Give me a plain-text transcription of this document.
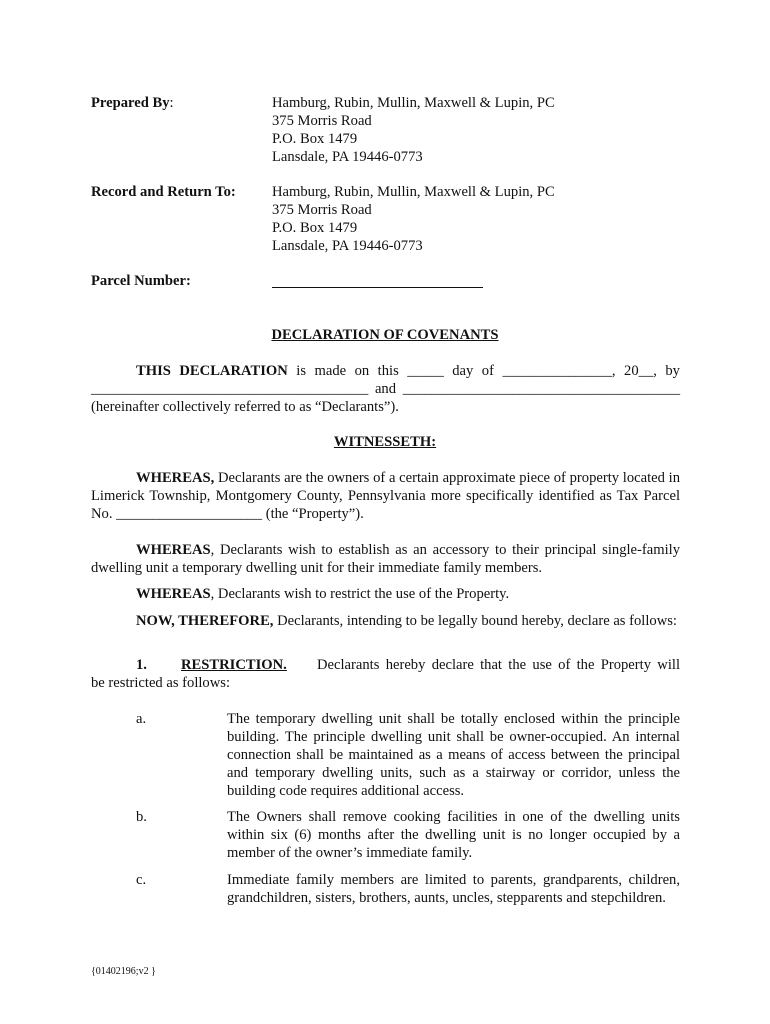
Prepared By:	Hamburg, Rubin, Mullin, Maxwell & Lupin, PC
375 Morris Road
P.O. Box 1479
Lansdale, PA 19446-0773
Record and Return To: Hamburg, Rubin, Mullin, Maxwell & Lupin, PC
375 Morris Road
P.O. Box 1479
Lansdale, PA 19446-0773
Parcel Number:
DECLARATION OF COVENANTS
THIS DECLARATION is made on this _____ day of _______________, 20__, by
______________________________________ and ______________________________________
(hereinafter collectively referred to as “Declarants”).
WITNESSETH:
WHEREAS, Declarants are the owners of a certain approximate piece of property located in Limerick Township, Montgomery County, Pennsylvania more specifically identified as Tax Parcel No. ____________________ (the “Property”).
WHEREAS, Declarants wish to establish as an accessory to their principal single-family dwelling unit a temporary dwelling unit for their immediate family members.
WHEREAS, Declarants wish to restrict the use of the Property.
NOW, THEREFORE, Declarants, intending to be legally bound hereby, declare as follows:
1. RESTRICTION. Declarants hereby declare that the use of the Property will
be restricted as follows:
a.	The temporary dwelling unit shall be totally enclosed within the principle building. The principle dwelling unit shall be owner-occupied. An internal connection shall be maintained as a means of access between the principal and temporary dwelling units, such as a stairway or corridor, unless the building code requires additional access.
b.	The Owners shall remove cooking facilities in one of the dwelling units within six (6) months after the dwelling unit is no longer occupied by a member of the owner’s immediate family.
c.	Immediate family members are limited to parents, grandparents, children, grandchildren, sisters, brothers, aunts, uncles, stepparents and stepchildren.
{01402196;v2 }
